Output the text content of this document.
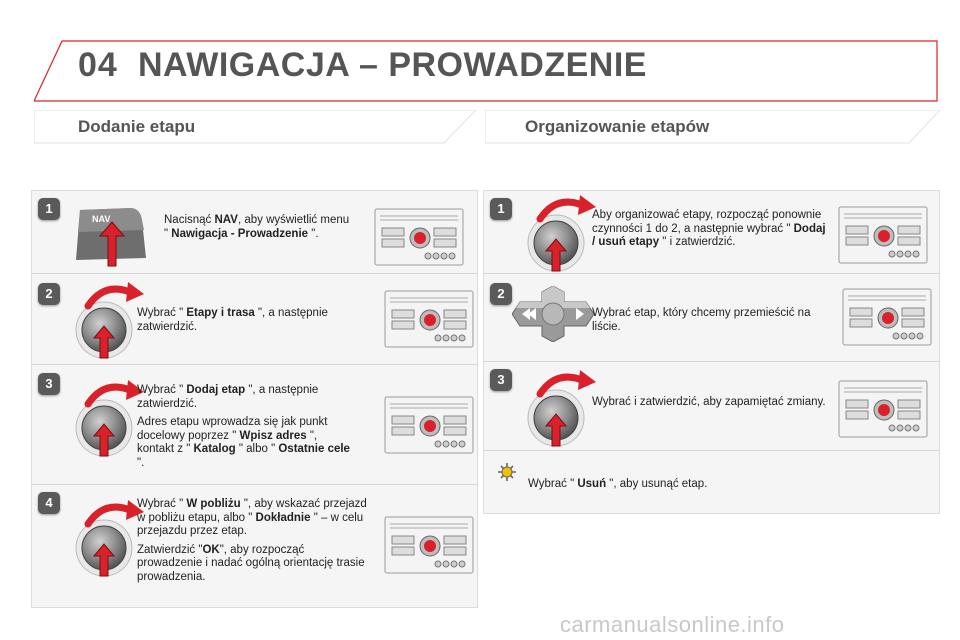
04 NAWIGACJA – PROWADZENIE
Dodanie etapu	Organizowanie etapów
1
NAV	Nacisnąć NAV, aby wyświetlić menu " Nawigacja - Prowadzenie ".
2
Wybrać " Etapy i trasa ", a następnie zatwierdzić.
3	Wybrać " Dodaj etap ", a następnie zatwierdzić.
Adres etapu wprowadza się jak punkt docelowy poprzez " Wpisz adres ", kontakt z " Katalog " albo " Ostatnie cele ".
4	Wybrać " W pobliżu ", aby wskazać przejazd w pobliżu etapu, albo " Dokładnie " – w celu przejazdu przez etap.
Zatwierdzić "OK", aby rozpocząć prowadzenie i nadać ogólną orientację trasie prowadzenia.
1	Aby organizować etapy, rozpocząć ponownie czynności 1 do 2, a następnie wybrać " Dodaj / usuń etapy " i zatwierdzić.
2
Wybrać etap, który chcemy przemieścić na liście.
3
Wybrać i zatwierdzić, aby zapamiętać zmiany.
Wybrać " Usuń ", aby usunąć etap.
carmanualsonline.info
